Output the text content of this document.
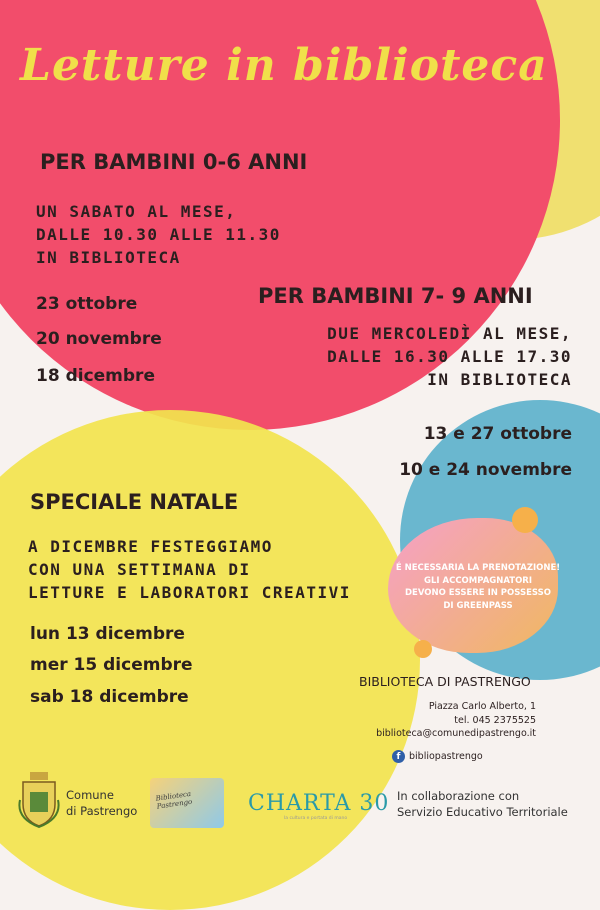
Letture in biblioteca
PER BAMBINI 0-6 ANNI
UN SABATO AL MESE,
DALLE 10.30 ALLE 11.30
IN BIBLIOTECA
23 ottobre
20 novembre
18 dicembre
PER BAMBINI 7- 9 ANNI
DUE MERCOLEDÌ AL MESE,
DALLE 16.30 ALLE 17.30
IN BIBLIOTECA
13 e 27 ottobre
10 e 24 novembre
SPECIALE NATALE
A DICEMBRE FESTEGGIAMO
CON UNA SETTIMANA DI
LETTURE E LABORATORI CREATIVI
lun 13 dicembre
mer 15 dicembre
sab 18 dicembre
É NECESSARIA LA PRENOTAZIONE!
GLI ACCOMPAGNATORI
DEVONO ESSERE IN POSSESSO
DI GREENPASS
BIBLIOTECA DI PASTRENGO
Piazza Carlo Alberto, 1
tel. 045 2375525
biblioteca@comunedipastrengo.it
f bibliopastrengo
Comune
di Pastrengo
Biblioteca Pastrengo	CHARTA 30
la cultura e portata di mano
In collaborazione con
Servizio Educativo Territoriale
